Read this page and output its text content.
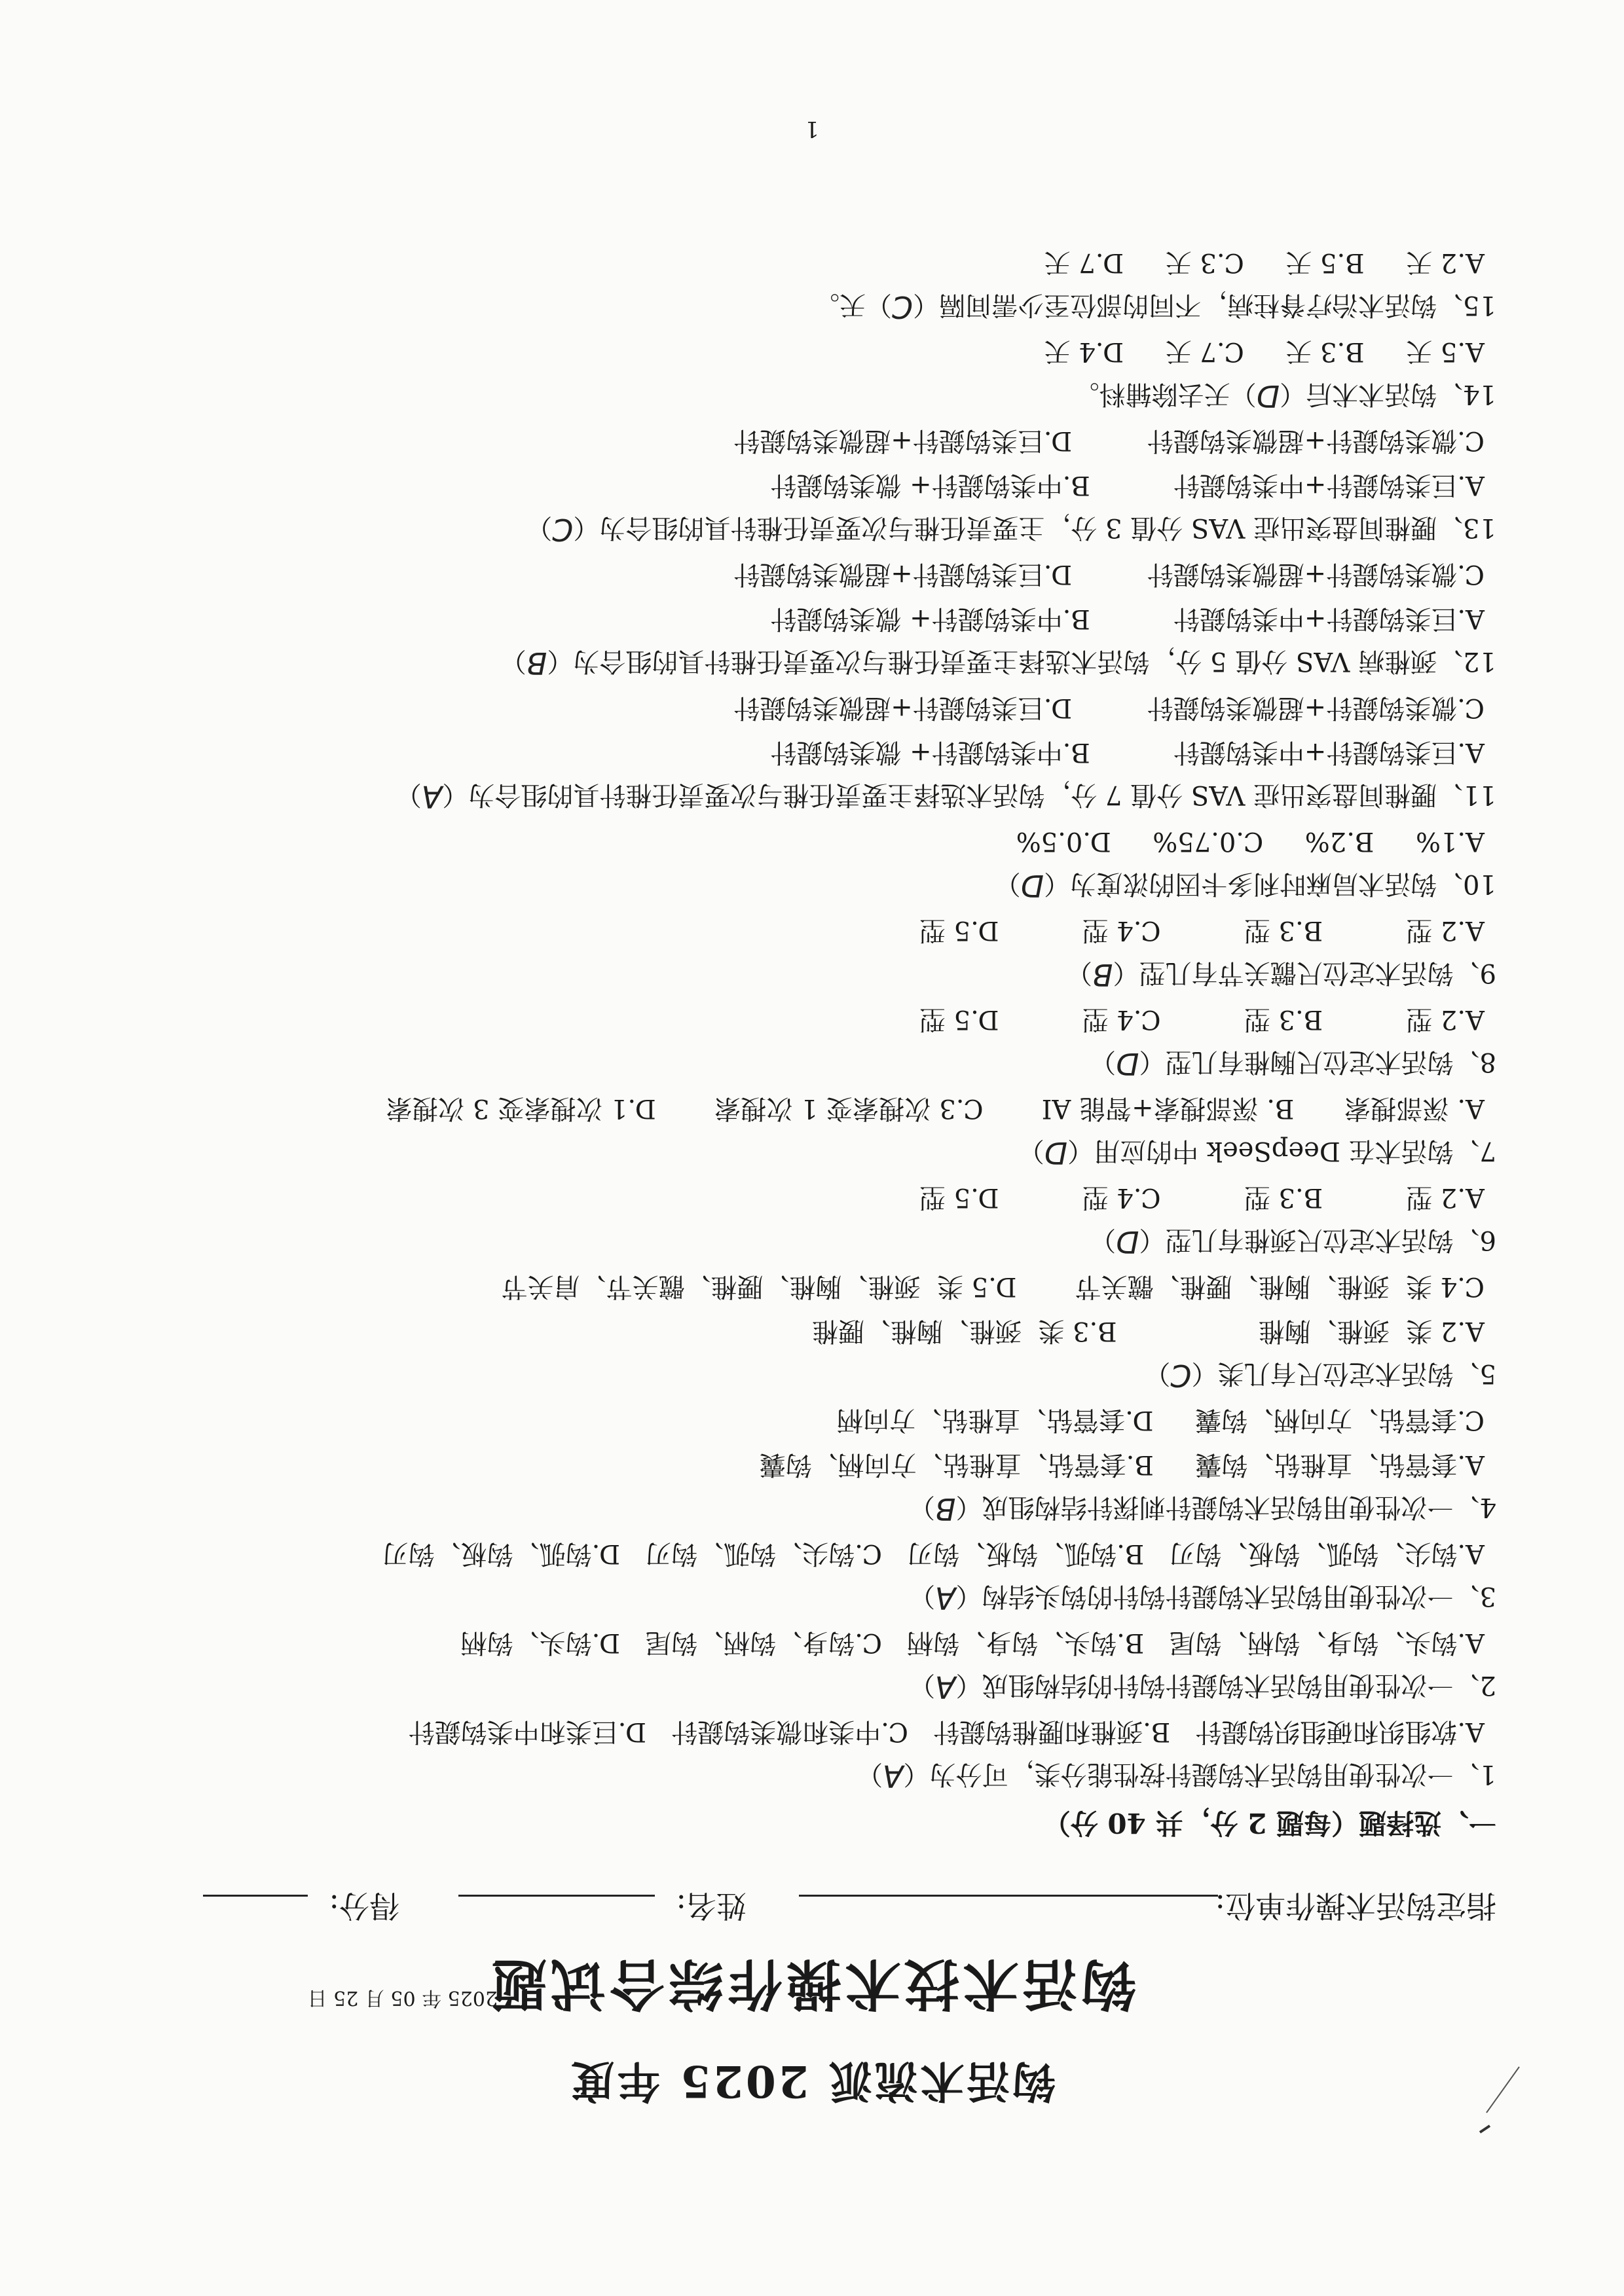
钩活术流派 2025 年度
钩活术技术操作综合试题
2025 年 05 月 25 日
指定钩活术操作单位:
姓名:
得分:
一、选择题（每题 2 分，共 40 分）
1、一次性使用钩活术钩鍉针按性能分类，可分为（A）
A.软组织和硬组织钩鍉针   B.颈椎和腰椎钩鍉针   C.中类和微类钩鍉针   D.巨类和中类钩鍉针
2、一次性使用钩活术钩鍉针钩针的结构组成（A）
A.钩头、钩身、钩柄、钩尾   B.钩头、钩身、钩柄   C.钩身、钩柄、钩尾   D.钩头、钩柄
3、一次性使用钩活术钩鍉针钩针的钩头结构（A）
A.钩尖、钩弧、钩板、钩刃   B.钩弧、钩板、钩刃   C.钩尖、钩弧、钩刃   D.钩弧、钩板、钩刃
4、一次性使用钩活术钩鍉针刺探针结构组成（B）
A.套管钻、直椎钻、钩囊     B.套管钻、直椎钻、方向柄、钩囊
C.套管钻、方向柄、钩囊     D.套管钻、直椎钻、方向柄
5、钩活术定位尺有几类（C）
A.2 类  颈椎、胸椎                 B.3 类  颈椎、胸椎、腰椎
C.4 类  颈椎、胸椎、腰椎、髋关节       D.5 类  颈椎、胸椎、腰椎、髋关节、肩关节
6、钩活术定位尺颈椎有几型（D）
A.2 型          B.3 型          C.4 型          D.5 型
7、钩活术在 DeepSeek 中的应用（D）
A. 深部搜索      B. 深部搜索+智能 AI       C.3 次搜索变 1 次搜索       D.1 次搜索变 3 次搜索
8、钩活术定位尺胸椎有几型（D）
A.2 型          B.3 型          C.4 型          D.5 型
9、钩活术定位尺髋关节有几型（B）
A.2 型          B.3 型          C.4 型          D.5 型
10、钩活术局麻时利多卡因的浓度为（D）
A.1%     B.2%     C.0.75%     D.0.5%
11、腰椎间盘突出症 VAS 分值 7 分，钩活术选择主要责任椎与次要责任椎针具的组合为（A）
A.巨类钩鍉针+中类钩鍉针          B.中类钩鍉针+ 微类钩鍉针
C.微类钩鍉针+超微类钩鍉针         D.巨类钩鍉针+超微类钩鍉针
12、颈椎病 VAS 分值 5 分，钩活术选择主要责任椎与次要责任椎针具的组合为（B）
A.巨类钩鍉针+中类钩鍉针          B.中类钩鍉针+ 微类钩鍉针
C.微类钩鍉针+超微类钩鍉针         D.巨类钩鍉针+超微类钩鍉针
13、腰椎间盘突出症 VAS 分值 3 分，主要责任椎与次要责任椎针具的组合为（C）
A.巨类钩鍉针+中类钩鍉针          B.中类钩鍉针+ 微类钩鍉针
C.微类钩鍉针+超微类钩鍉针         D.巨类钩鍉针+超微类钩鍉针
14、钩活术术后（D）天去除辅料。
A.5 天     B.3 天     C.7 天     D.4 天
15、钩活术治疗脊柱病，不同的部位至少需间隔（C）天。
A.2 天     B.5 天     C.3 天     D.7 天
1
